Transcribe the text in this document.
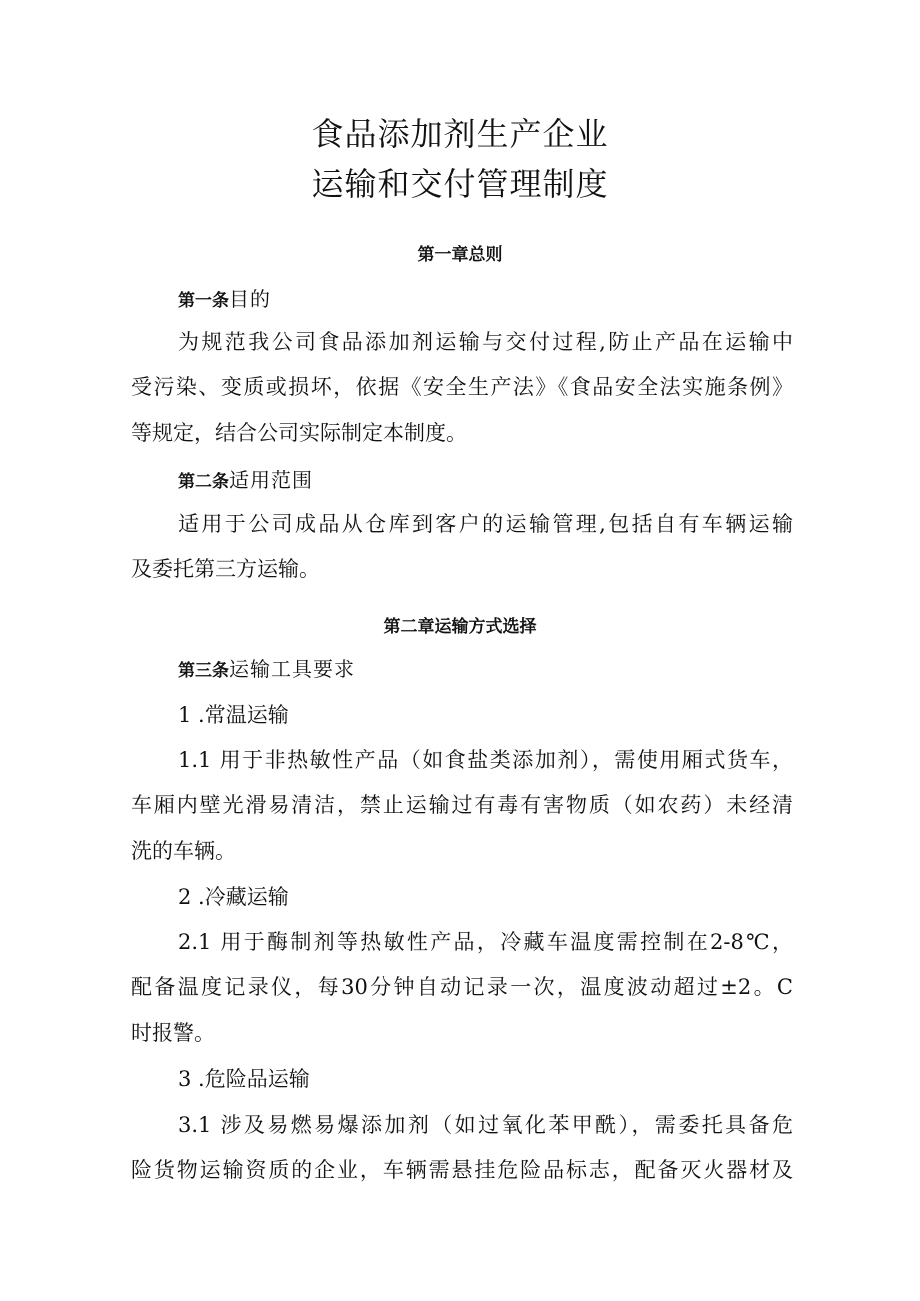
食品添加剂生产企业
运输和交付管理制度
第一章总则
第一条目的
为规范我公司食品添加剂运输与交付过程,防止产品在运输中
受污染、变质或损坏，依据《安全生产法》《食品安全法实施条例》
等规定，结合公司实际制定本制度。
第二条适用范围
适用于公司成品从仓库到客户的运输管理,包括自有车辆运输
及委托第三方运输。
第二章运输方式选择
第三条运输工具要求
1 .常温运输
1.1 用于非热敏性产品（如食盐类添加剂），需使用厢式货车，
车厢内壁光滑易清洁，禁止运输过有毒有害物质（如农药）未经清
洗的车辆。
2 .冷藏运输
2.1 用于酶制剂等热敏性产品，冷藏车温度需控制在2-8℃，
配备温度记录仪，每30分钟自动记录一次，温度波动超过±2。C
时报警。
3 .危险品运输
3.1 涉及易燃易爆添加剂（如过氧化苯甲酰），需委托具备危
险货物运输资质的企业，车辆需悬挂危险品标志，配备灭火器材及
